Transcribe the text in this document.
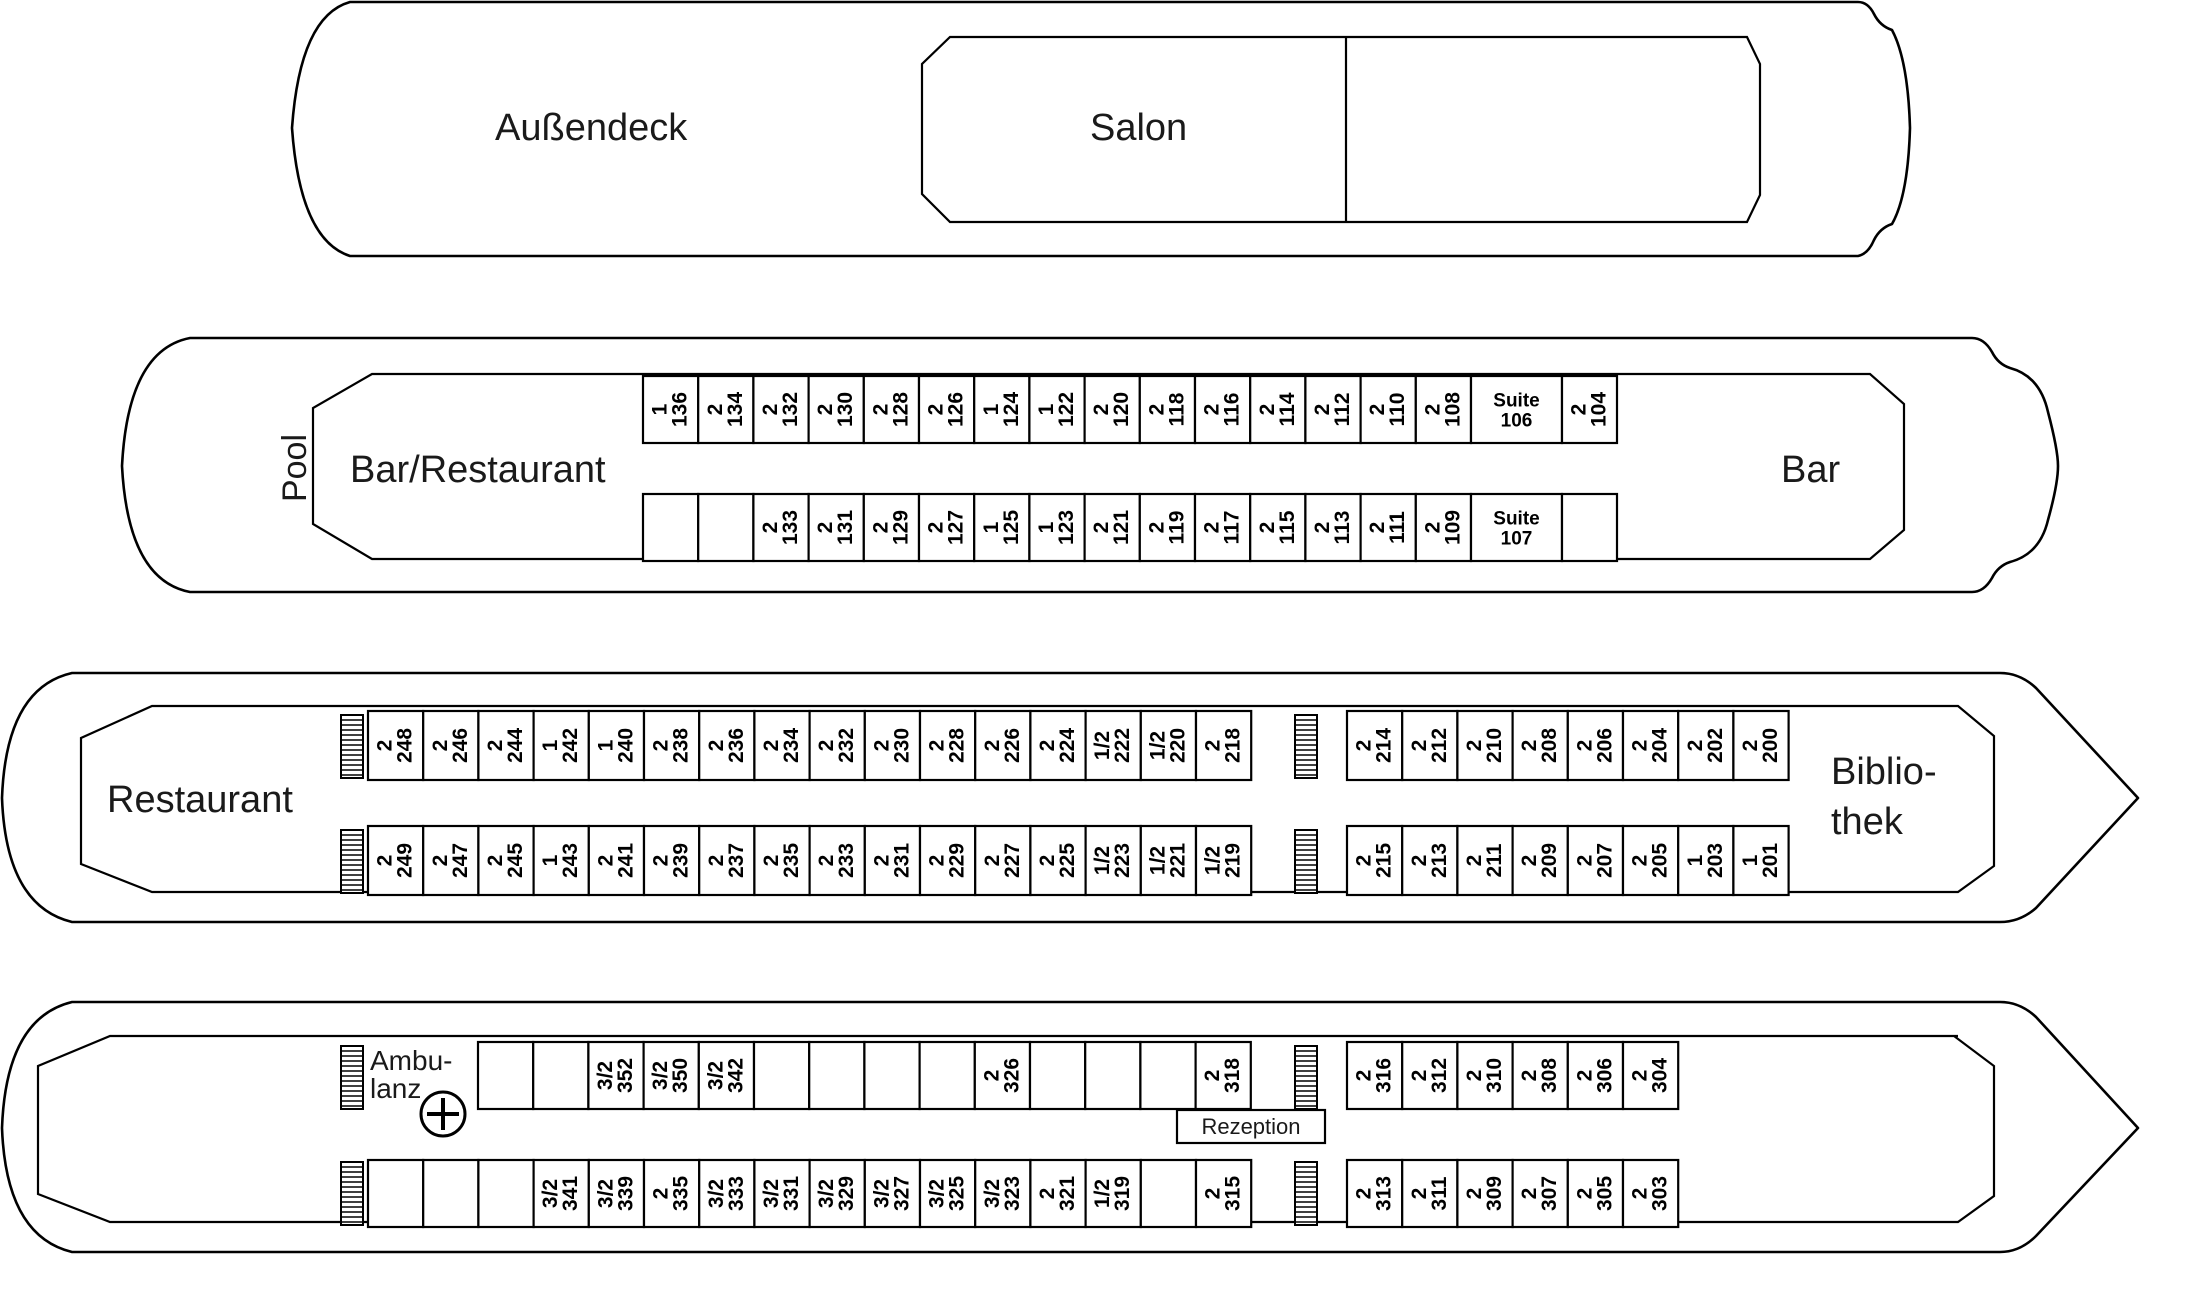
Außendeck	Salon
Pool Bar/Restaurant	Bar
1
136 2
134 2
132 2
130 2
128 2
126 1
124 1
122 2
120 2
118 2
116 2
114 2
112 2
110 2
108 Suite
106
2
104
2
133 2
131 2
129 2
127 1
125 1
123 2
121 2
119 2
117 2
115 2
113 2
111 2
109 Suite
107
Restaurant
Biblio-
thek
2
248 2
246 2
244 1
242 1
240 2
238 2
236 2
234 2
232 2
230 2
228 2
226 2
224 1/2
222 1/2
220 2
218	2
214 2
212 2
210 2
208 2
206 2
204 2
202 2
200
2
249 2
247 2
245 1
243 2
241 2
239 2
237 2
235 2
233 2
231 2
229 2
227 2
225 1/2
223 1/2
221 1/2
219	2
215 2
213 2
211 2
209 2
207 2
205 1
203 1
201
Ambu-
lanz
Rezeption
3/2
352 3/2
350 3/2
342	2
326	2
318	2
316 2
312 2
310 2
308 2
306 2
304
3/2
341 3/2
339 2
335 3/2
333 3/2
331 3/2
329 3/2
327 3/2
325 3/2
323 2
321 1/2
319	2
315	2
313 2
311 2
309 2
307 2
305 2
303
